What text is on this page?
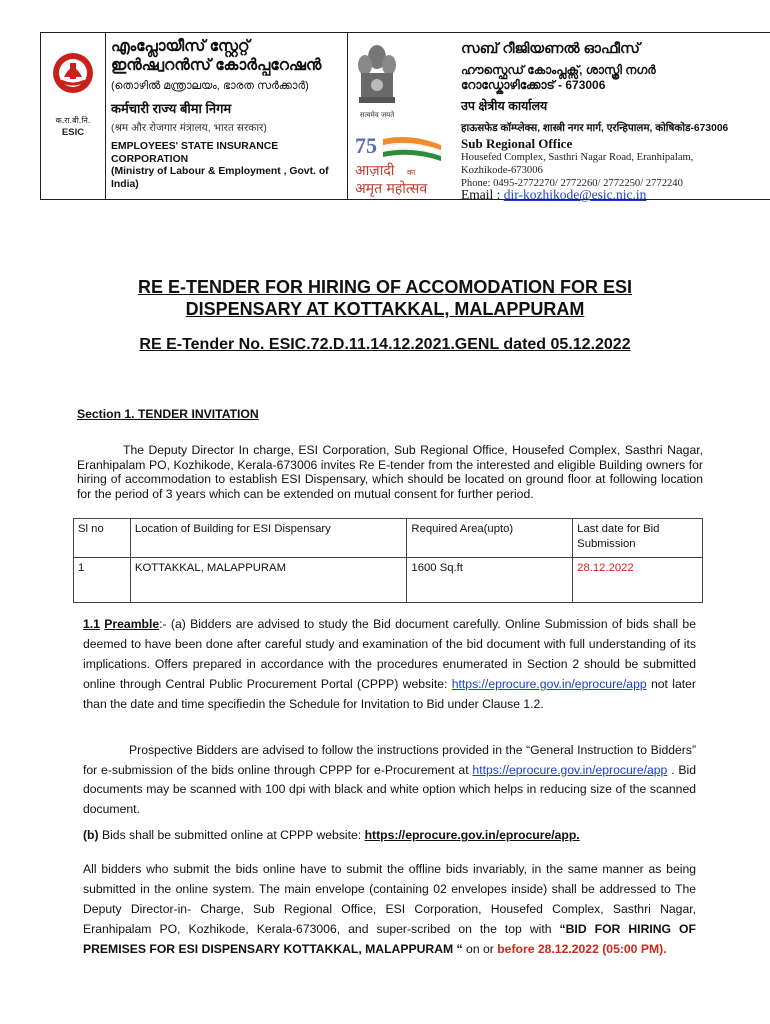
क.रा.बी.नि.
ESIC
എംപ്ലോയീസ് സ്റ്റേറ്റ്
ഇൻഷ്വറൻസ് കോർപ്പറേഷൻ
(തൊഴിൽ മന്ത്രാലയം, ഭാരത സർക്കാർ)
कर्मचारी राज्य बीमा निगम
(श्रम और रोजगार मंत्रालय, भारत सरकार)
EMPLOYEES' STATE INSURANCE
CORPORATION
(Ministry of Labour & Employment , Govt. of India)
सत्यमेव जयते
75
आज़ादी का
अमृत महोत्सव
സബ് റീജിയണൽ ഓഫീസ്
ഹൗസ്ഫെഡ് കോംപ്ലക്സ്, ശാസ്ത്രി നഗർ
റോഡ്കോഴിക്കോട് - 673006
उप क्षेत्रीय कार्यालय
हाऊसफेड कॉम्प्लेक्स, शास्त्री नगर मार्ग, एरन्हिपालम, कोषिकोड-673006
Sub Regional Office
Housefed Complex, Sasthri Nagar Road, Eranhipalam,
Kozhikode-673006
Phone: 0495-2772270/ 2772260/ 2772250/ 2772240
Email : dir-kozhikode@esic.nic.in
RE E-TENDER FOR HIRING OF ACCOMODATION FOR ESI
DISPENSARY AT KOTTAKKAL, MALAPPURAM
RE E-Tender No. ESIC.72.D.11.14.12.2021.GENL dated 05.12.2022
Section 1. TENDER INVITATION
The Deputy Director In charge, ESI Corporation, Sub Regional Office, Housefed Complex, Sasthri Nagar, Eranhipalam PO, Kozhikode, Kerala-673006 invites Re E-tender from the interested and eligible Building owners for hiring of accommodation to establish ESI Dispensary, which should be located on ground floor at following location for the period of 3 years which can be extended on mutual consent for further period.
Sl no	Location of Building for ESI Dispensary	Required Area(upto)	Last date for Bid Submission
1	KOTTAKKAL, MALAPPURAM	1600 Sq.ft	28.12.2022
1.1 Preamble:- (a) Bidders are advised to study the Bid document carefully. Online Submission of bids shall be deemed to have been done after careful study and examination of the bid document with full understanding of its implications. Offers prepared in accordance with the procedures enumerated in Section 2 should be submitted online through Central Public Procurement Portal (CPPP) website: https://eprocure.gov.in/eprocure/app not later than the date and time specifiedin the Schedule for Invitation to Bid under Clause 1.2.
Prospective Bidders are advised to follow the instructions provided in the “General Instruction to Bidders” for e-submission of the bids online through CPPP for e-Procurement at https://eprocure.gov.in/eprocure/app . Bid documents may be scanned with 100 dpi with black and white option which helps in reducing size of the scanned document.
(b) Bids shall be submitted online at CPPP website: https://eprocure.gov.in/eprocure/app.
All bidders who submit the bids online have to submit the offline bids invariably, in the same manner as being submitted in the online system. The main envelope (containing 02 envelopes inside) shall be addressed to The Deputy Director-in- Charge, Sub Regional Office, ESI Corporation, Housefed Complex, Sasthri Nagar, Eranhipalam PO, Kozhikode, Kerala-673006, and super-scribed on the top with “BID FOR HIRING OF PREMISES FOR ESI DISPENSARY KOTTAKKAL, MALAPPURAM “ on or before 28.12.2022 (05:00 PM).
